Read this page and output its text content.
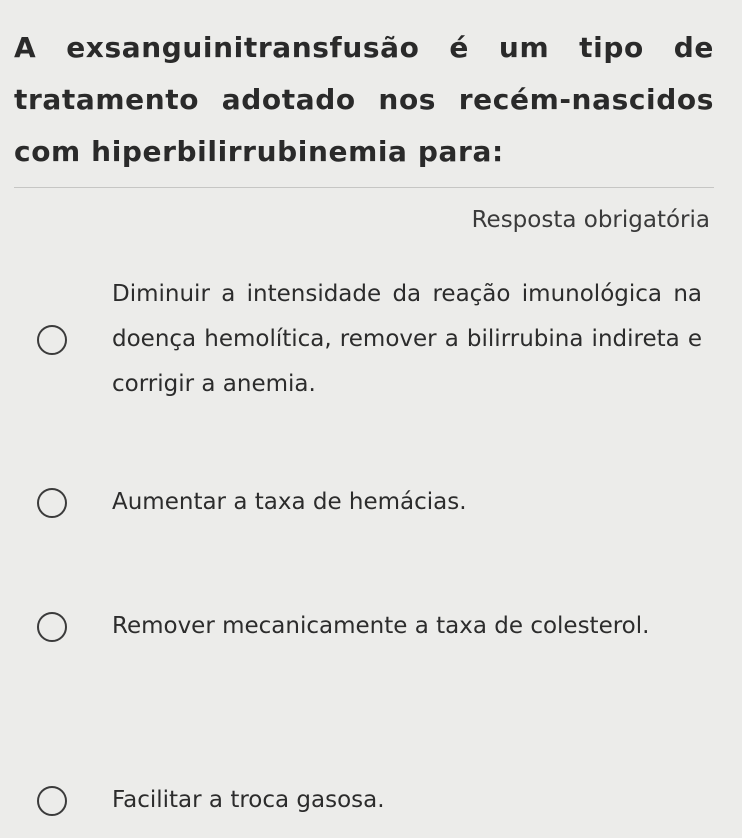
A exsanguinitransfusão é um tipo de tratamento adotado nos recém-nascidos com hiperbilirrubinemia para:

Resposta obrigatória
Diminuir a intensidade da reação imunológica na doença hemolítica, remover a bilirrubina indireta e corrigir a anemia.
Aumentar a taxa de hemácias.
Remover mecanicamente a taxa de colesterol.
Facilitar a troca gasosa.
